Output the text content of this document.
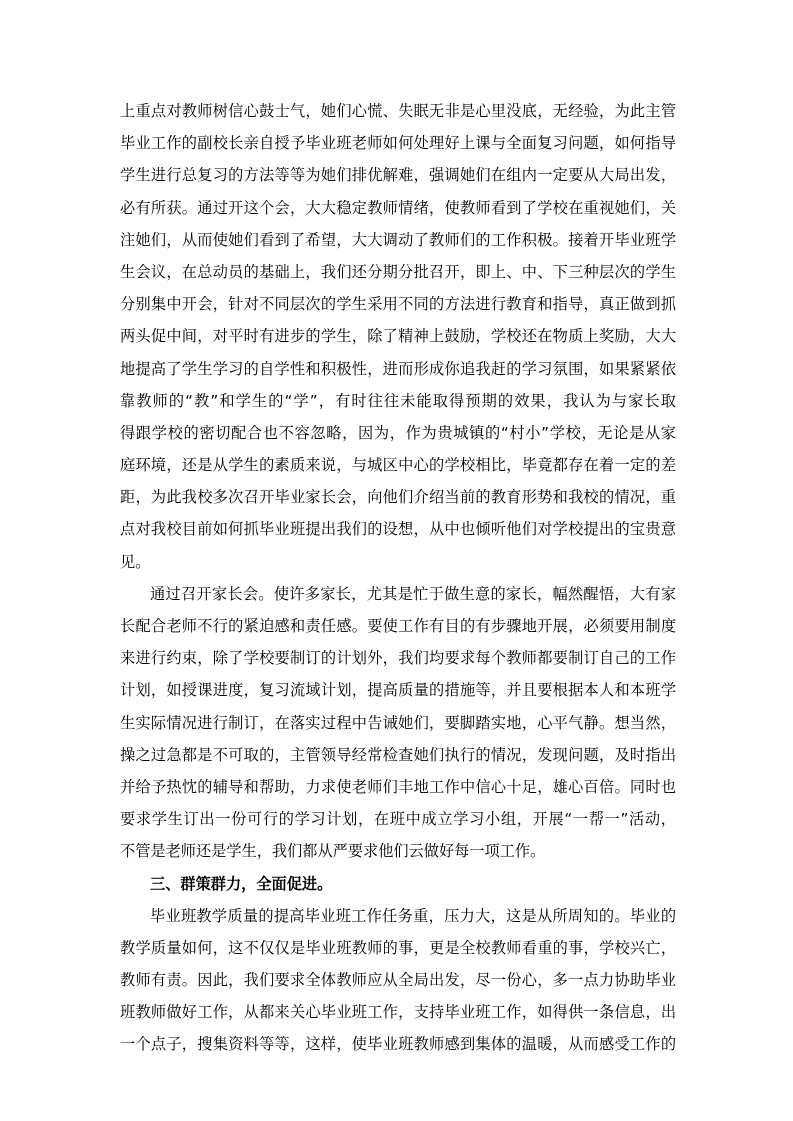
上重点对教师树信心鼓士气，她们心慌、失眠无非是心里没底，无经验，为此主管
毕业工作的副校长亲自授予毕业班老师如何处理好上课与全面复习问题，如何指导
学生进行总复习的方法等等为她们排优解难，强调她们在组内一定要从大局出发，
必有所获。通过开这个会，大大稳定教师情绪，使教师看到了学校在重视她们，关
注她们，从而使她们看到了希望，大大调动了教师们的工作积极。接着开毕业班学
生会议，在总动员的基础上，我们还分期分批召开，即上、中、下三种层次的学生
分别集中开会，针对不同层次的学生采用不同的方法进行教育和指导，真正做到抓
两头促中间，对平时有进步的学生，除了精神上鼓励，学校还在物质上奖励，大大
地提高了学生学习的自学性和积极性，进而形成你追我赶的学习氛围，如果紧紧依
靠教师的“教”和学生的“学”，有时往往未能取得预期的效果，我认为与家长取
得跟学校的密切配合也不容忽略，因为，作为贵城镇的“村小”学校，无论是从家
庭环境，还是从学生的素质来说，与城区中心的学校相比，毕竟都存在着一定的差
距，为此我校多次召开毕业家长会，向他们介绍当前的教育形势和我校的情况，重
点对我校目前如何抓毕业班提出我们的设想，从中也倾听他们对学校提出的宝贵意
见。
通过召开家长会。使许多家长，尤其是忙于做生意的家长，幅然醒悟，大有家
长配合老师不行的紧迫感和责任感。要使工作有目的有步骤地开展，必须要用制度
来进行约束，除了学校要制订的计划外，我们均要求每个教师都要制订自己的工作
计划，如授课进度，复习流域计划，提高质量的措施等，并且要根据本人和本班学
生实际情况进行制订，在落实过程中告诫她们，要脚踏实地，心平气静。想当然，
操之过急都是不可取的，主管领导经常检查她们执行的情况，发现问题，及时指出
并给予热忱的辅导和帮助，力求使老师们丰地工作中信心十足，雄心百倍。同时也
要求学生订出一份可行的学习计划，在班中成立学习小组，开展“一帮一”活动，
不管是老师还是学生，我们都从严要求他们云做好每一项工作。
三、群策群力，全面促进。
毕业班教学质量的提高毕业班工作任务重，压力大，这是从所周知的。毕业的
教学质量如何，这不仅仅是毕业班教师的事，更是全校教师看重的事，学校兴亡，
教师有责。因此，我们要求全体教师应从全局出发，尽一份心，多一点力协助毕业
班教师做好工作，从都来关心毕业班工作，支持毕业班工作，如得供一条信息，出
一个点子，搜集资料等等，这样，使毕业班教师感到集体的温暖，从而感受工作的
